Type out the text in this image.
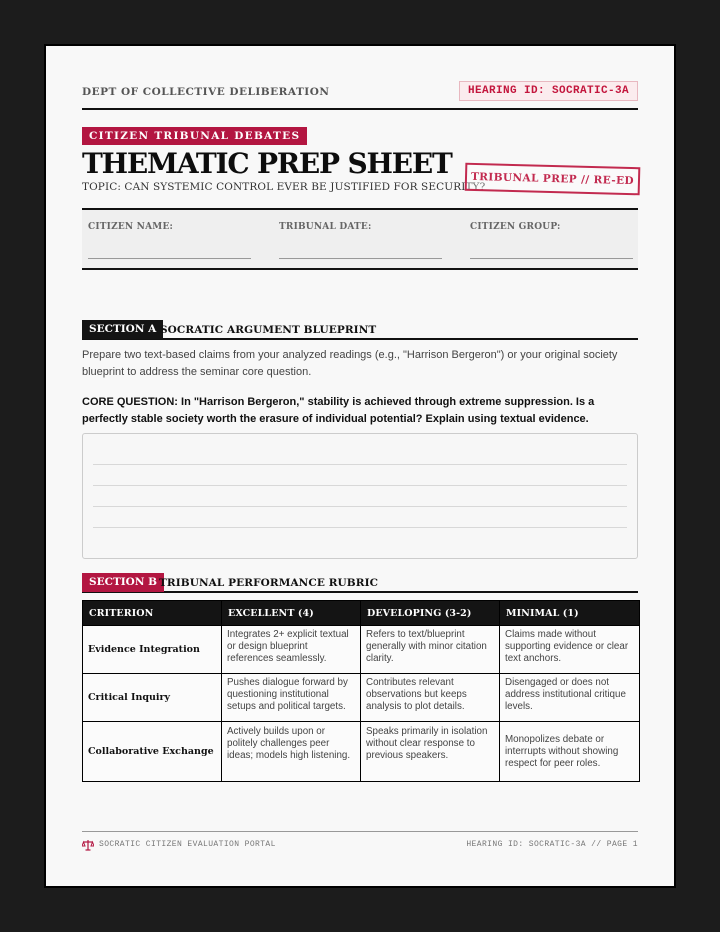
DEPT OF COLLECTIVE DELIBERATION	HEARING ID: SOCRATIC-3A
CITIZEN TRIBUNAL DEBATES
THEMATIC PREP SHEET
TOPIC: CAN SYSTEMIC CONTROL EVER BE JUSTIFIED FOR SECURITY?
TRIBUNAL PREP // RE-ED
CITIZEN NAME:	TRIBUNAL DATE:	CITIZEN GROUP:
SECTION A SOCRATIC ARGUMENT BLUEPRINT
Prepare two text-based claims from your analyzed readings (e.g., "Harrison Bergeron") or your original society blueprint to address the seminar core question.
CORE QUESTION: In "Harrison Bergeron," stability is achieved through extreme suppression. Is a perfectly stable society worth the erasure of individual potential? Explain using textual evidence.
SECTION B TRIBUNAL PERFORMANCE RUBRIC
CRITERION	EXCELLENT (4)	DEVELOPING (3-2)	MINIMAL (1)
Evidence Integration	Integrates 2+ explicit textual or design blueprint references seamlessly.	Refers to text/blueprint generally with minor citation clarity.	Claims made without supporting evidence or clear text anchors.
Critical Inquiry	Pushes dialogue forward by questioning institutional setups and political targets.	Contributes relevant observations but keeps analysis to plot details.	Disengaged or does not address institutional critique levels.
Collaborative Exchange	Actively builds upon or politely challenges peer ideas; models high listening.	Speaks primarily in isolation without clear response to previous speakers.	Monopolizes debate or interrupts without showing respect for peer roles.
SOCRATIC CITIZEN EVALUATION PORTAL	HEARING ID: SOCRATIC-3A // PAGE 1
